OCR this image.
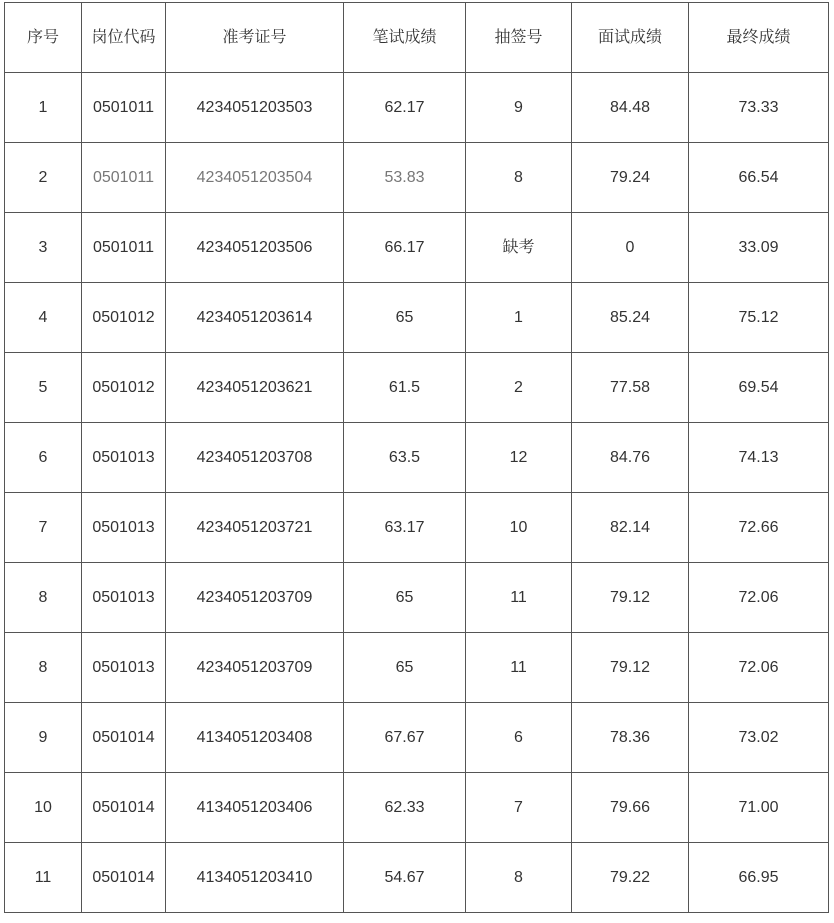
序号	岗位代码	准考证号	笔试成绩	抽签号	面试成绩	最终成绩
1	0501011	4234051203503	62.17	9	84.48	73.33
2	0501011	4234051203504	53.83	8	79.24	66.54
3	0501011	4234051203506	66.17	缺考	0	33.09
4	0501012	4234051203614	65	1	85.24	75.12
5	0501012	4234051203621	61.5	2	77.58	69.54
6	0501013	4234051203708	63.5	12	84.76	74.13
7	0501013	4234051203721	63.17	10	82.14	72.66
8	0501013	4234051203709	65	11	79.12	72.06
8	0501013	4234051203709	65	11	79.12	72.06
9	0501014	4134051203408	67.67	6	78.36	73.02
10	0501014	4134051203406	62.33	7	79.66	71.00
11	0501014	4134051203410	54.67	8	79.22	66.95
